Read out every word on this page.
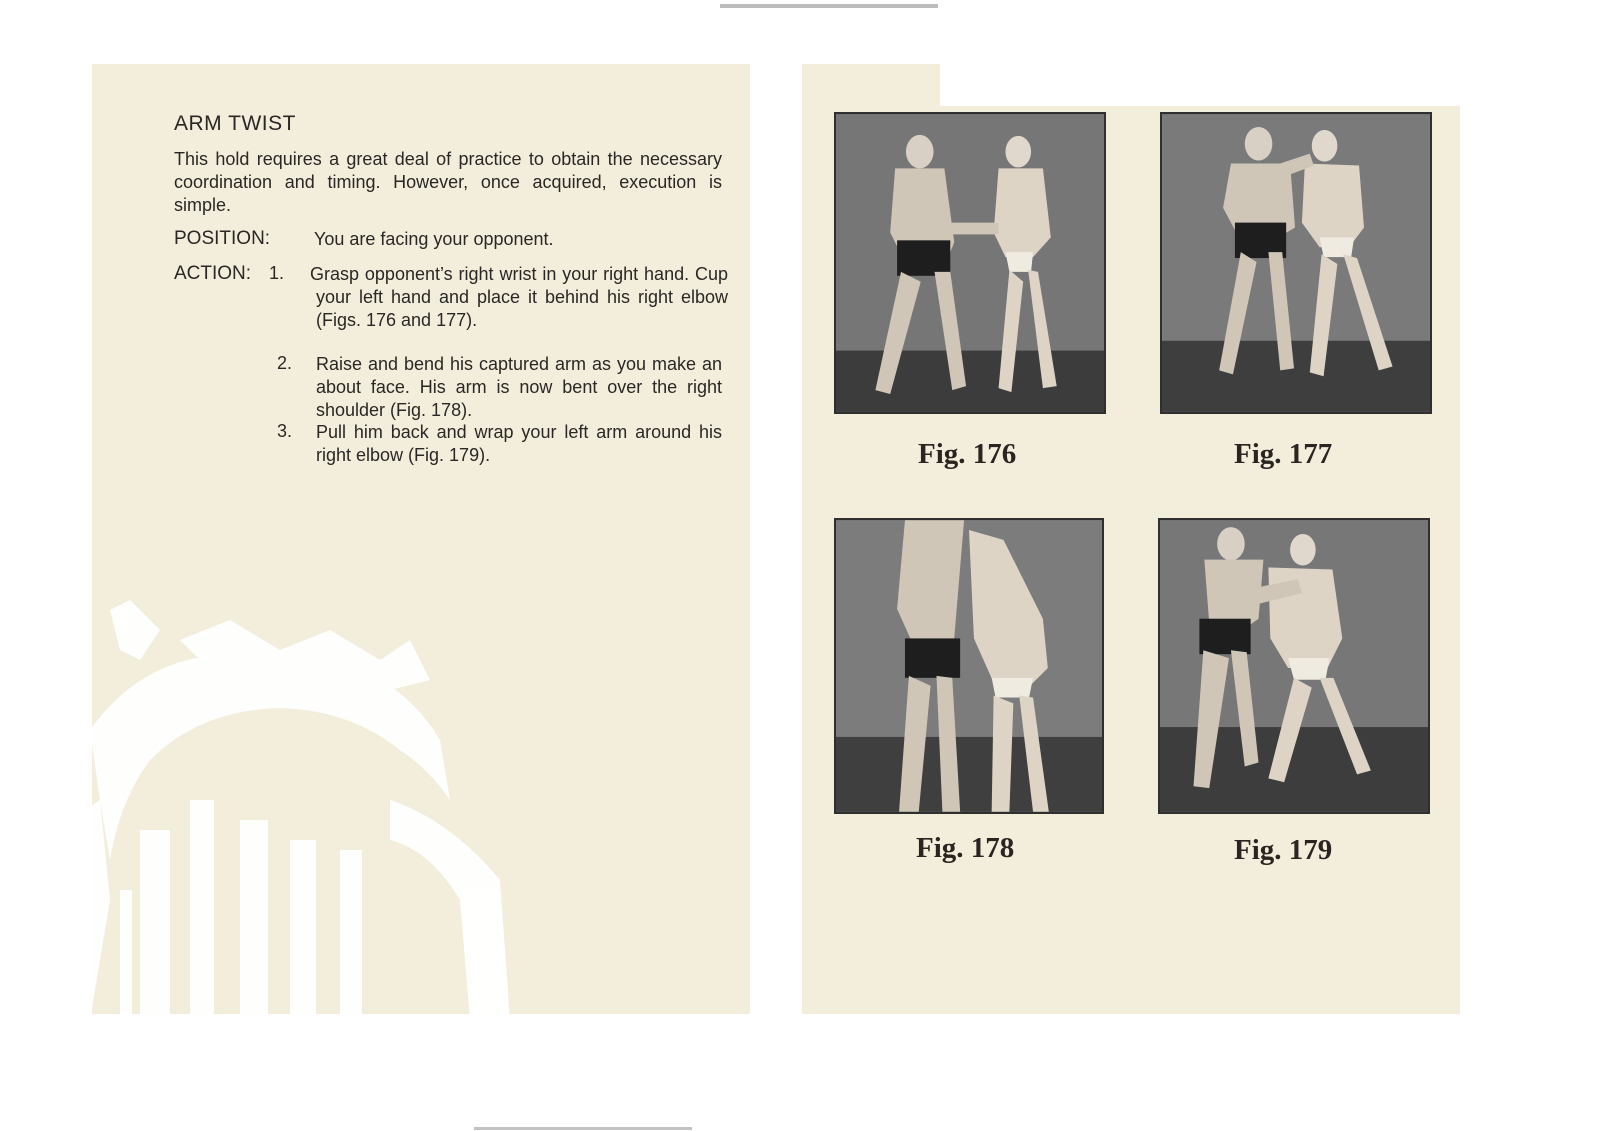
ARM TWIST
This hold requires a great deal of practice to obtain the necessary coordination and timing. However, once acquired, execution is simple.
POSITION: You are facing your opponent.
ACTION: 1. Grasp opponent’s right wrist in your right hand. Cup your left hand and place it behind his right elbow (Figs. 176 and 177).
2. Raise and bend his captured arm as you make an about face. His arm is now bent over the right shoulder (Fig. 178).
3. Pull him back and wrap your left arm around his right elbow (Fig. 179).	Fig. 176	Fig. 177
Fig. 178	Fig. 179
